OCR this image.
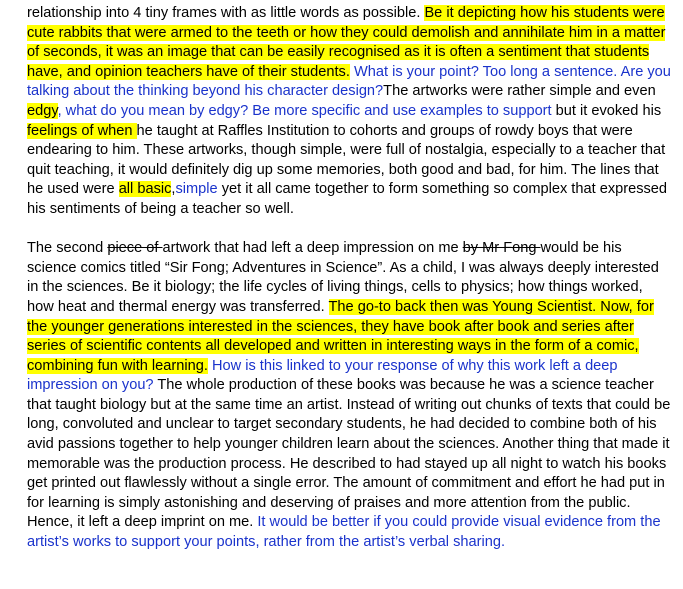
relationship into 4 tiny frames with as little words as possible. Be it depicting how his students were cute rabbits that were armed to the teeth or how they could demolish and annihilate him in a matter of seconds, it was an image that can be easily recognised as it is often a sentiment that students have, and opinion teachers have of their students. What is your point? Too long a sentence. Are you talking about the thinking beyond his character design?The artworks were rather simple and even edgy, what do you mean by edgy? Be more specific and use examples to support but it evoked his feelings of when he taught at Raffles Institution to cohorts and groups of rowdy boys that were endearing to him. These artworks, though simple, were full of nostalgia, especially to a teacher that quit teaching, it would definitely dig up some memories, both good and bad, for him. The lines that he used were all basic,simple yet it all came together to form something so complex that expressed his sentiments of being a teacher so well.

The second piece of artwork that had left a deep impression on me by Mr Fong would be his science comics titled “Sir Fong; Adventures in Science”. As a child, I was always deeply interested in the sciences. Be it biology; the life cycles of living things, cells to physics; how things worked, how heat and thermal energy was transferred. The go-to back then was Young Scientist. Now, for the younger generations interested in the sciences, they have book after book and series after series of scientific contents all developed and written in interesting ways in the form of a comic, combining fun with learning. How is this linked to your response of why this work left a deep impression on you? The whole production of these books was because he was a science teacher that taught biology but at the same time an artist. Instead of writing out chunks of texts that could be long, convoluted and unclear to target secondary students, he had decided to combine both of his avid passions together to help younger children learn about the sciences. Another thing that made it memorable was the production process. He described to had stayed up all night to watch his books get printed out flawlessly without a single error. The amount of commitment and effort he had put in for learning is simply astonishing and deserving of praises and more attention from the public. Hence, it left a deep imprint on me. It would be better if you could provide visual evidence from the artist’s works to support your points, rather from the artist’s verbal sharing.
